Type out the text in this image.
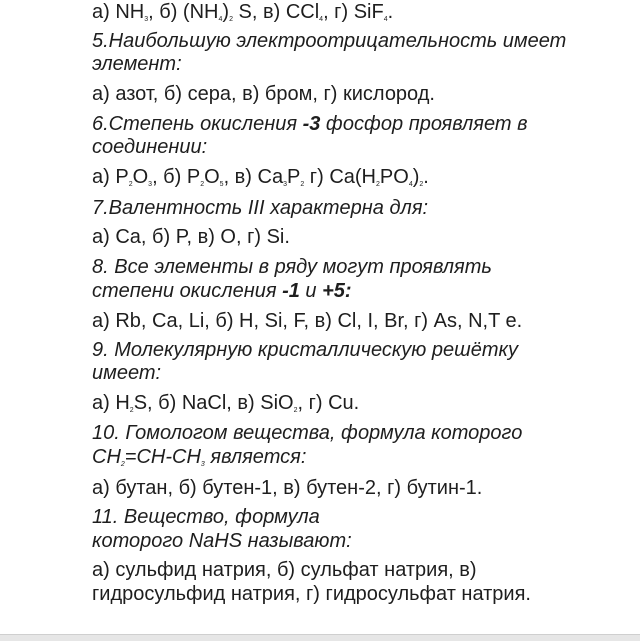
а) NH3, б) (NH4)2 S, в) CCl4, г) SiF4.
5.Наибольшую электроотрицательность имеет
элемент:
а) азот, б) сера, в) бром, г) кислород.
6.Степень окисления -3 фосфор проявляет в
соединении:
а) P2O3, б) P2O5, в) Ca3P2 г) Ca(H2PO4)2.
7.Валентность III характерна для:
а) Ca, б) P, в) O, г) Si.
8. Все элементы в ряду могут проявлять
степени окисления -1 и +5:
а) Rb, Ca, Li, б) H, Si, F, в) Cl, I, Br, г) As, N,T е.
9. Молекулярную кристаллическую решётку
имеет:
а) H2S, б) NaCl, в) SiO2, г) Cu.
10. Гомологом вещества, формула которого
CH2=CH-CH3 является:
а) бутан, б) бутен-1, в) бутен-2, г) бутин-1.
11. Вещество, формула
которого NaHS называют:
а) сульфид натрия, б) сульфат натрия, в)
гидросульфид натрия, г) гидросульфат натрия.
